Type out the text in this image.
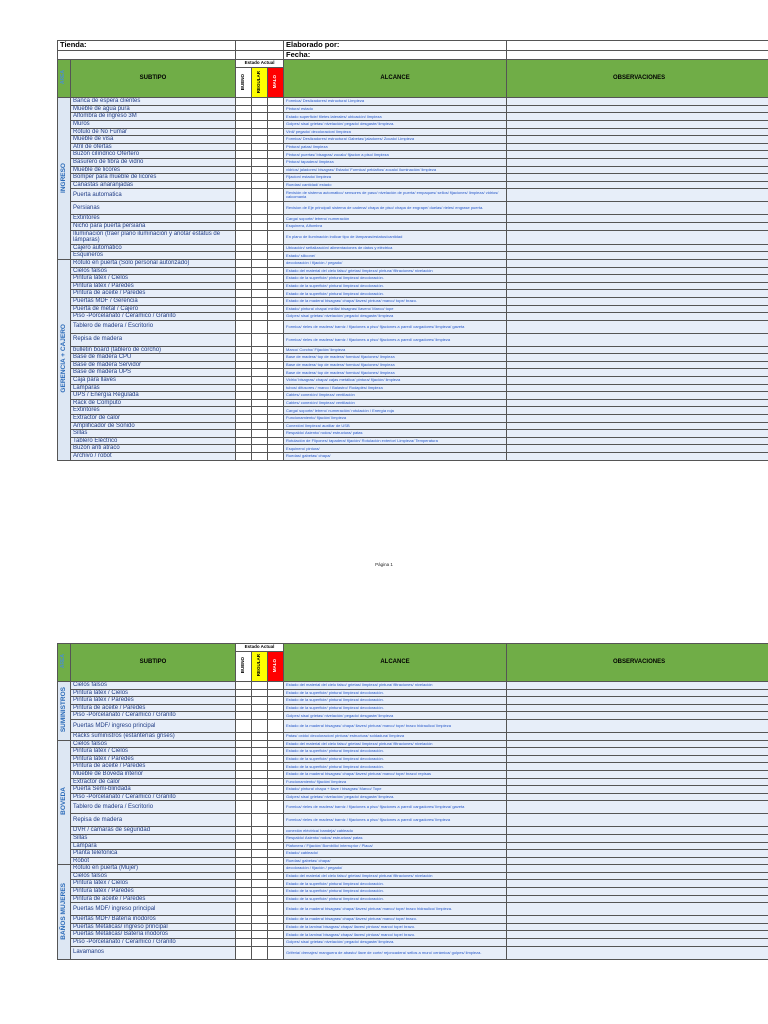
Tienda:					Elaborado por:	
					Fecha:	
AREA	SUBTIPO	Estado Actual			ALCANCE	OBSERVACIONES
		BUENO	REGULAR	MALO		
INGRESO	Banca de espera clientes				Formica/ Deslizadores/ estructura/ Limpieza	
	Mueble de agua pura				Pintura/ estado	
	Alfombra de ingreso 3M				Estado superficie/ filetes laterales/ ubicación/ limpieza	
	Muros				Golpes/ sisa/ grietas/ nivelación/ pegado/ desgaste/ limpieza.	
	Rotulo de No Fumar				Vinil/ pegado/ decoloracion/ limpieza	
	Mueble de visa				Formica/ Deslizadores/ estructura/ Gabetas/ jaladores/ Zocalo/ Limpieza	
	Atril de ofertas				Pintura/ patas/ limpieza	
	Buzón cilíndrico Ofertero				Pintura/ puertas/ bisagras/ zocalo/ fijacion a piso/ limpieza	
	Basurero de fibra de vidrio				Pintura/ tapadera/ limpieza	
	Mueble de licores				vidrios/ jaladores/ bisagras/ Estado/ Formica/ peldaños/ zocalo/ iluminación/ limpieza	
	Bomper para mueble de licores				Fijacion/ estado/ limpieza	
	Canastas anaranjadas				Ruedas/ cantidad/ estado	
	Puerta automatica				Revisión de sistema automatico/ sensores de paso/ nivelación de puerta/ empaques/ sellos/ fijaciones/ limpieza/ vidrios/ calcomania	
	Persianas				Revision de Eje principal/ sistema de cadena/ chapa de piso/ chapa de engrape/ duelas/ rieles/ engrase puerta.	
	Extintores				Carga/ soporte/ letrero/ numeración	
	Nicho para puerta persiana				Esquinera, Alfombra	
	Iluminación (traer plano iluminación y anotar estatus de lámparas)				En plano de iluminación indicar tipo de lámparas/estatus/cantidad	
	Cajero automático				Ubicación/ señalización/ alimentaciones de datos y eléctrica	
	Esquineros				Estado/ silicone/	
GERENCIA + CAJERO	Rotulo en puerta (Solo personal autorizado)				decoloración / fijación / pegado/	
	Cielos falsos				Estado del material del cielo falso/ grietas/ limpieza/ pintura/ filtraciones/ nivelación	
	Pintura látex / Cielos				Estado de la superficie/ pintura/ limpieza/ decoloración.	
	Pintura látex / Paredes				Estado de la superficie/ pintura/ limpieza/ decoloración.	
	Pintura de aceite / Paredes				Estado de la superficie/ pintura/ limpieza/ decoloración.	
	Puertas MDF / Gerencia				Estado de la madera/ bisagras/ chapa/ llaves/ pintura/ marco/ tope/ brazo.	
	Puerta de metal / Cajero				Estado/ pintura/ chapa/ mirilla/ bisagras/ llavero/ Marco/ tope	
	Piso -Porcelanato / Ceramico / Granito				Golpes/ sisa/ grietas/ nivelación/ pegado/ desgaste/ limpieza	
	Tablero de madera / Escritorio				Formica/ rieles de madera/ barniz / fijaciones a piso/ fijaciones a pared/ cargadores/ limpieza/ gaveta	
	Repisa de madera				Formica/ rieles de madera/ barniz / fijaciones a piso/ fijaciones a pared/ cargadores/ limpieza	
	bulletin board (tablero de corcho)				Marco/ Corcho/ Fijación/ limpieza	
	Base de madera CPU				Base de madera/ top de madera/ formica/ fijaciones/ limpieza	
	Base de madera Servidor				Base de madera/ top de madera/ formica/ fijaciones/ limpieza	
	Base de madera UPS				Base de madera/ top de madera/ formica/ fijaciones/ limpieza	
	Caja para llaves				Vidrio/ bisagras/ chapa/ cajas metálica/ pintura/ fijación/ limpieza	
	Lamparas				tubos/ difusores / marco / Balastro/ Rodapiés/ limpieza	
	UPS / Energía Regulada				Cables/ conexión/ limpieza/ ventilación	
	Rack de Computo				Cables/ conexión/ limpieza/ ventilación	
	Extintores				Carga/ soporte/ letrero/ numeración/ rotulación / Energía roja	
	Extractor de calor				Funcionamiento/ fijación/ limpieza	
	Amplificador de Sonido				Conexión/ limpieza/ auxiliar de USB	
	Sillas				Respaldo/ Asiento/ rodos/ estructura/ patas	
	Tablero Eléctrico				Rotulación de Flipones/ tapadera/ fijación/ Rotulación exterior/ Limpieza/ Temperatura	
	Buzón anti atraco				Esquinero/ pintura/	
	Archivo / robot				Ruedas/ gabetas/ chapa/	
Página 1
AREA	SUBTIPO	Estado Actual			ALCANCE	OBSERVACIONES
		BUENO	REGULAR	MALO		
SUMINISTROS	Cielos falsos				Estado del material del cielo falso/ grietas/ limpieza/ pintura/ filtraciones/ nivelación	
	Pintura látex / Cielos				Estado de la superficie/ pintura/ limpieza/ decoloración.	
	Pintura látex / Paredes				Estado de la superficie/ pintura/ limpieza/ decoloración.	
	Pintura de aceite / Paredes				Estado de la superficie/ pintura/ limpieza/ decoloración.	
	Piso -Porcelanato / Ceramico / Granito				Golpes/ sisa/ grietas/ nivelación/ pegado/ desgaste/ limpieza	
	Puertas MDF/ ingreso principal				Estado de la madera/ bisagras/ chapa/ llaves/ pintura/ marco/ tope/ brazo hidraulico/ limpieza	
	Racks suministros (estanterías grises)				Patas/ oxido/ decoloracion/ pintura/ estructura/ soldadura/ limpieza	
BOVEDA	Cielos falsos				Estado del material del cielo falso/ grietas/ limpieza/ pintura/ filtraciones/ nivelación	
	Pintura látex / Cielos				Estado de la superficie/ pintura/ limpieza/ decoloración.	
	Pintura látex / Paredes				Estado de la superficie/ pintura/ limpieza/ decoloración.	
	Pintura de aceite / Paredes				Estado de la superficie/ pintura/ limpieza/ decoloración.	
	Mueble de Boveda interior				Estado de la madera/ bisagras/ chapa/ llaves/ pintura/ marco/ tope/ brazo/ repisas	
	Extractor de calor				Funcionamiento/ fijación/ limpieza	
	Puerta Semi-blindada				Estado/ pintura/ chapa + llave / bisagras/ Marco/ Tope	
	Piso -Porcelanato / Ceramico / Granito				Golpes/ sisa/ grietas/ nivelación/ pegado/ desgaste/ limpieza.	
	Tablero de madera / Escritorio				Formica/ rieles de madera/ barniz / fijaciones a piso/ fijaciones a pared/ cargadores/ limpieza/ gaveta	
	Repisa de madera				Formica/ rieles de madera/ barniz / fijaciones a piso/ fijaciones a pared/ cargadores/ limpieza	
	DVR / camaras de seguridad				conexión eléctrica/ bandeja/ cableado	
	Sillas				Respaldo/ Asiento/ rodos/ estructura/ patas	
	Lampara				Plafonera / Fijación/ Bombillo/ interruptor / Placa/	
	Planta telefónica				Estado/ cableado/	
	Robot				Ruedas/ gabetas/ chapa/	
BAÑOS MUJERES	Rotulo en puerta (Mujer)				decoloración / fijación / pegado/	
	Cielos falsos				Estado del material del cielo falso/ grietas/ limpieza/ pintura/ filtraciones/ nivelación	
	Pintura látex / Cielos				Estado de la superficie/ pintura/ limpieza/ decoloración.	
	Pintura látex / Paredes				Estado de la superficie/ pintura/ limpieza/ decoloración.	
	Pintura de aceite / Paredes				Estado de la superficie/ pintura/ limpieza/ decoloración.	
	Puertas MDF/ ingreso principal				Estado de la madera/ bisagras/ chapa/ llaves/ pintura/ marco/ tope/ brazo hidraulico/ limpieza.	
	Puertas MDF/ Batería inodoros				Estado de la madera/ bisagras/ chapa/ llaves/ pintura/ marco/ tope/ brazo.	
	Puertas Metálicas/ ingreso principal				Estado de la lamina/ bisagras/ chapa/ llaves/ pintura/ marco/ tope/ brazo.	
	Puertas Metálicas/ Batería inodoros				Estado de la lamina/ bisagras/ chapa/ llaves/ pintura/ marco/ tope/ brazo.	
	Piso -Porcelanato / Ceramico / Granito				Golpes/ sisa/ grietas/ nivelación/ pegado/ desgaste/ limpieza.	
	Lavamanos				Griferia/ drenajes/ manguera de abasto/ llave de corte/ rejoncadera/ sellos a muro/ cerámica/ golpes/ limpieza.	
